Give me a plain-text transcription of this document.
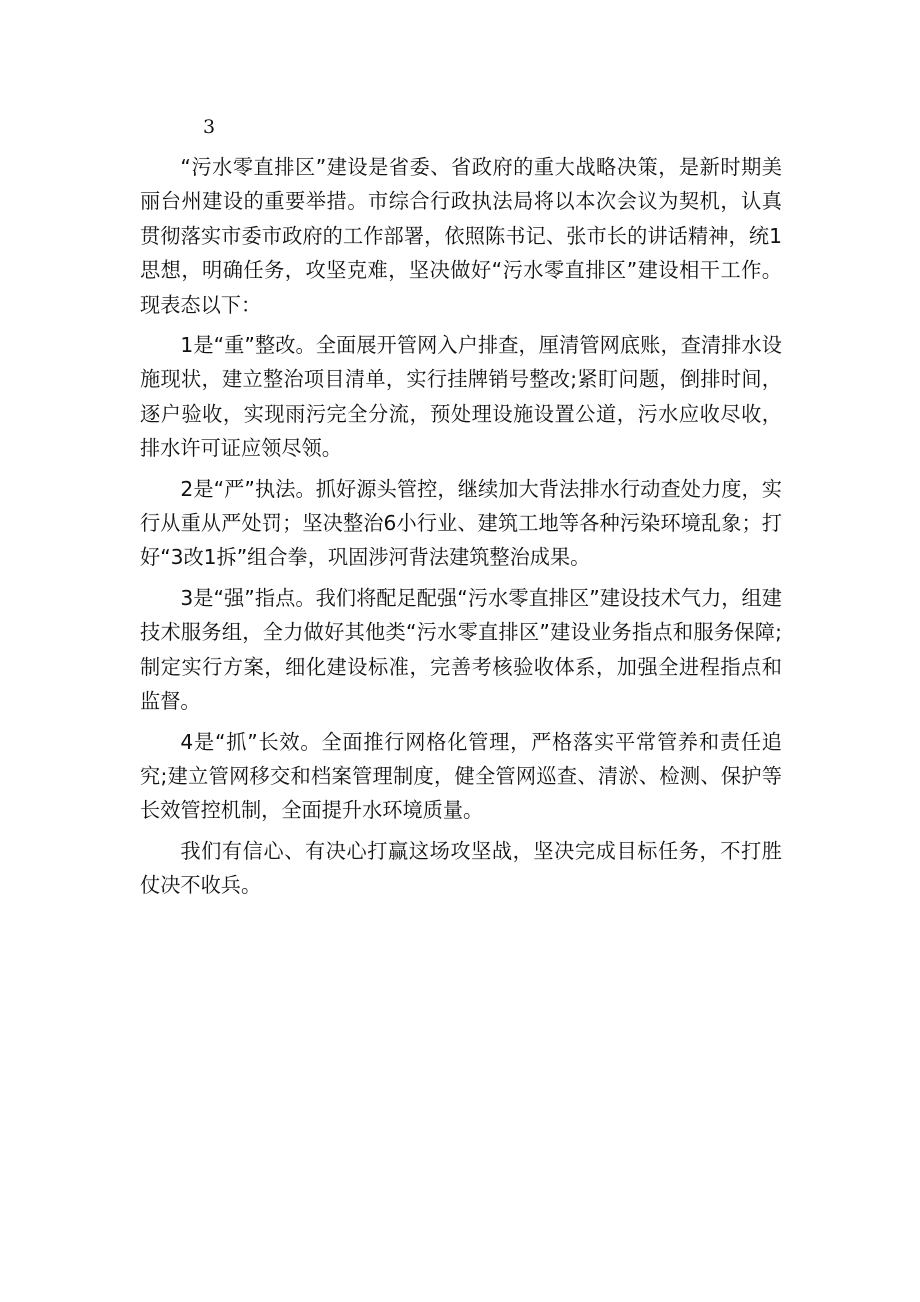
3

“污水零直排区”建设是省委、省政府的重大战略决策，是新时期美丽台州建设的重要举措。市综合行政执法局将以本次会议为契机，认真贯彻落实市委市政府的工作部署，依照陈书记、张市长的讲话精神，统1思想，明确任务，攻坚克难，坚决做好“污水零直排区”建设相干工作。现表态以下：

1是“重”整改。全面展开管网入户排查，厘清管网底账，查清排水设施现状，建立整治项目清单，实行挂牌销号整改;紧盯问题，倒排时间，逐户验收，实现雨污完全分流，预处理设施设置公道，污水应收尽收，排水许可证应领尽领。

2是“严”执法。抓好源头管控，继续加大背法排水行动查处力度，实行从重从严处罚；坚决整治6小行业、建筑工地等各种污染环境乱象；打好“3改1拆”组合拳，巩固涉河背法建筑整治成果。

3是“强”指点。我们将配足配强“污水零直排区”建设技术气力，组建技术服务组，全力做好其他类“污水零直排区”建设业务指点和服务保障;制定实行方案，细化建设标准，完善考核验收体系，加强全进程指点和监督。

4是“抓”长效。全面推行网格化管理，严格落实平常管养和责任追究;建立管网移交和档案管理制度，健全管网巡查、清淤、检测、保护等长效管控机制，全面提升水环境质量。

我们有信心、有决心打赢这场攻坚战，坚决完成目标任务，不打胜仗决不收兵。
